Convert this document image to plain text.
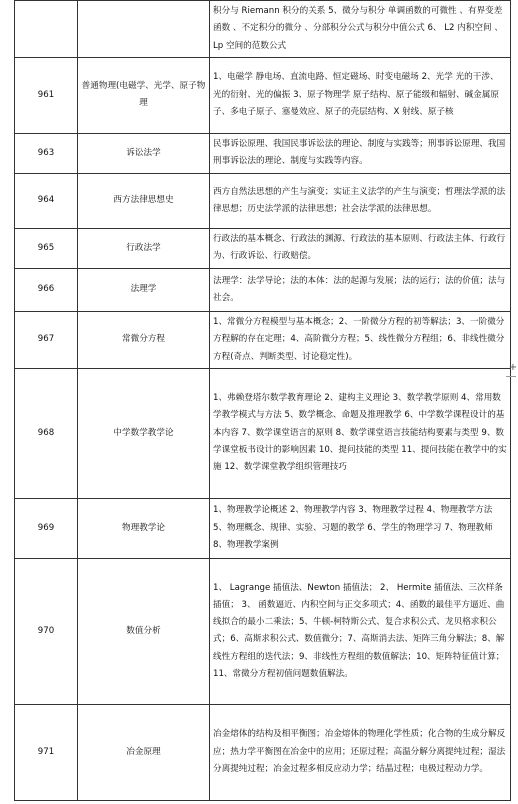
		积分与 Riemann 积分的关系 5、微分与积分 单调函数的可微性 、有界变差函数 、不定积分的微分 、分部积分公式与积分中值公式 6、 L2 内积空间 、Lp 空间的范数公式
961	普通物理(电磁学、光学、原子物理	1、电磁学 静电场、直流电路、恒定磁场、时变电磁场 2、光学 光的干涉、光的衍射、光的偏振 3、原子物理学 原子结构、原子能级和辐射、碱金属原子、多电子原子、塞曼效应、原子的壳层结构、X 射线、原子核
963	诉讼法学	民事诉讼原理、我国民事诉讼法的理论、制度与实践等；刑事诉讼原理、我国刑事诉讼法的理论、制度与实践等内容。
964	西方法律思想史	西方自然法思想的产生与演变；实证主义法学的产生与演变；哲理法学派的法律思想；历史法学派的法律思想；社会法学派的法律思想。
965	行政法学	行政法的基本概念、行政法的渊源、行政法的基本原则、行政法主体、行政行为、行政诉讼、行政赔偿。
966	法理学	法理学：法学导论；法的本体：法的起源与发展；法的运行；法的价值；法与社会。
967	常微分方程	1、常微分方程模型与基本概念；2、一阶微分方程的初等解法；3、一阶微分方程解的存在定理；4、高阶微分方程；5、线性微分方程组；6、非线性微分方程(奇点、判断类型、讨论稳定性)。
968	中学数学教学论	1、弗赖登塔尔数学教育理论 2、建构主义理论 3、数学教学原则 4、常用数学教学模式与方法 5、数学概念、命题及推理教学 6、中学数学课程设计的基本内容 7、数学课堂语言的原则 8、数学课堂语言技能结构要素与类型 9、数学课堂板书设计的影响因素 10、提问技能的类型 11、提问技能在教学中的实施 12、数学课堂教学组织管理技巧
969	物理教学论	1、物理教学论概述 2、物理教学内容 3、物理教学过程 4、物理教学方法 5、物理概念、规律、实验、习题的教学 6、学生的物理学习 7、物理教师 8、物理教学案例
970	数值分析	1、 Lagrange 插值法、Newton 插值法； 2、 Hermite 插值法、三次样条插值； 3、 函数逼近、内积空间与正交多项式；4、函数的最佳平方逼近、曲线拟合的最小二乘法；5、牛顿-柯特斯公式、复合求积公式、龙贝格求积公式；6、高斯求积公式、数值微分；7、高斯消去法、矩阵三角分解法；8、解线性方程组的迭代法；9、非线性方程组的数值解法；10、矩阵特征值计算；11、常微分方程初值问题数值解法。
971	冶金原理	冶金熔体的结构及相平衡图；冶金熔体的物理化学性质；化合物的生成分解反应；热力学平衡图在冶金中的应用；还原过程；高温分解分离提纯过程；湿法分离提纯过程；冶金过程多相反应动力学；结晶过程；电极过程动力学。
+
